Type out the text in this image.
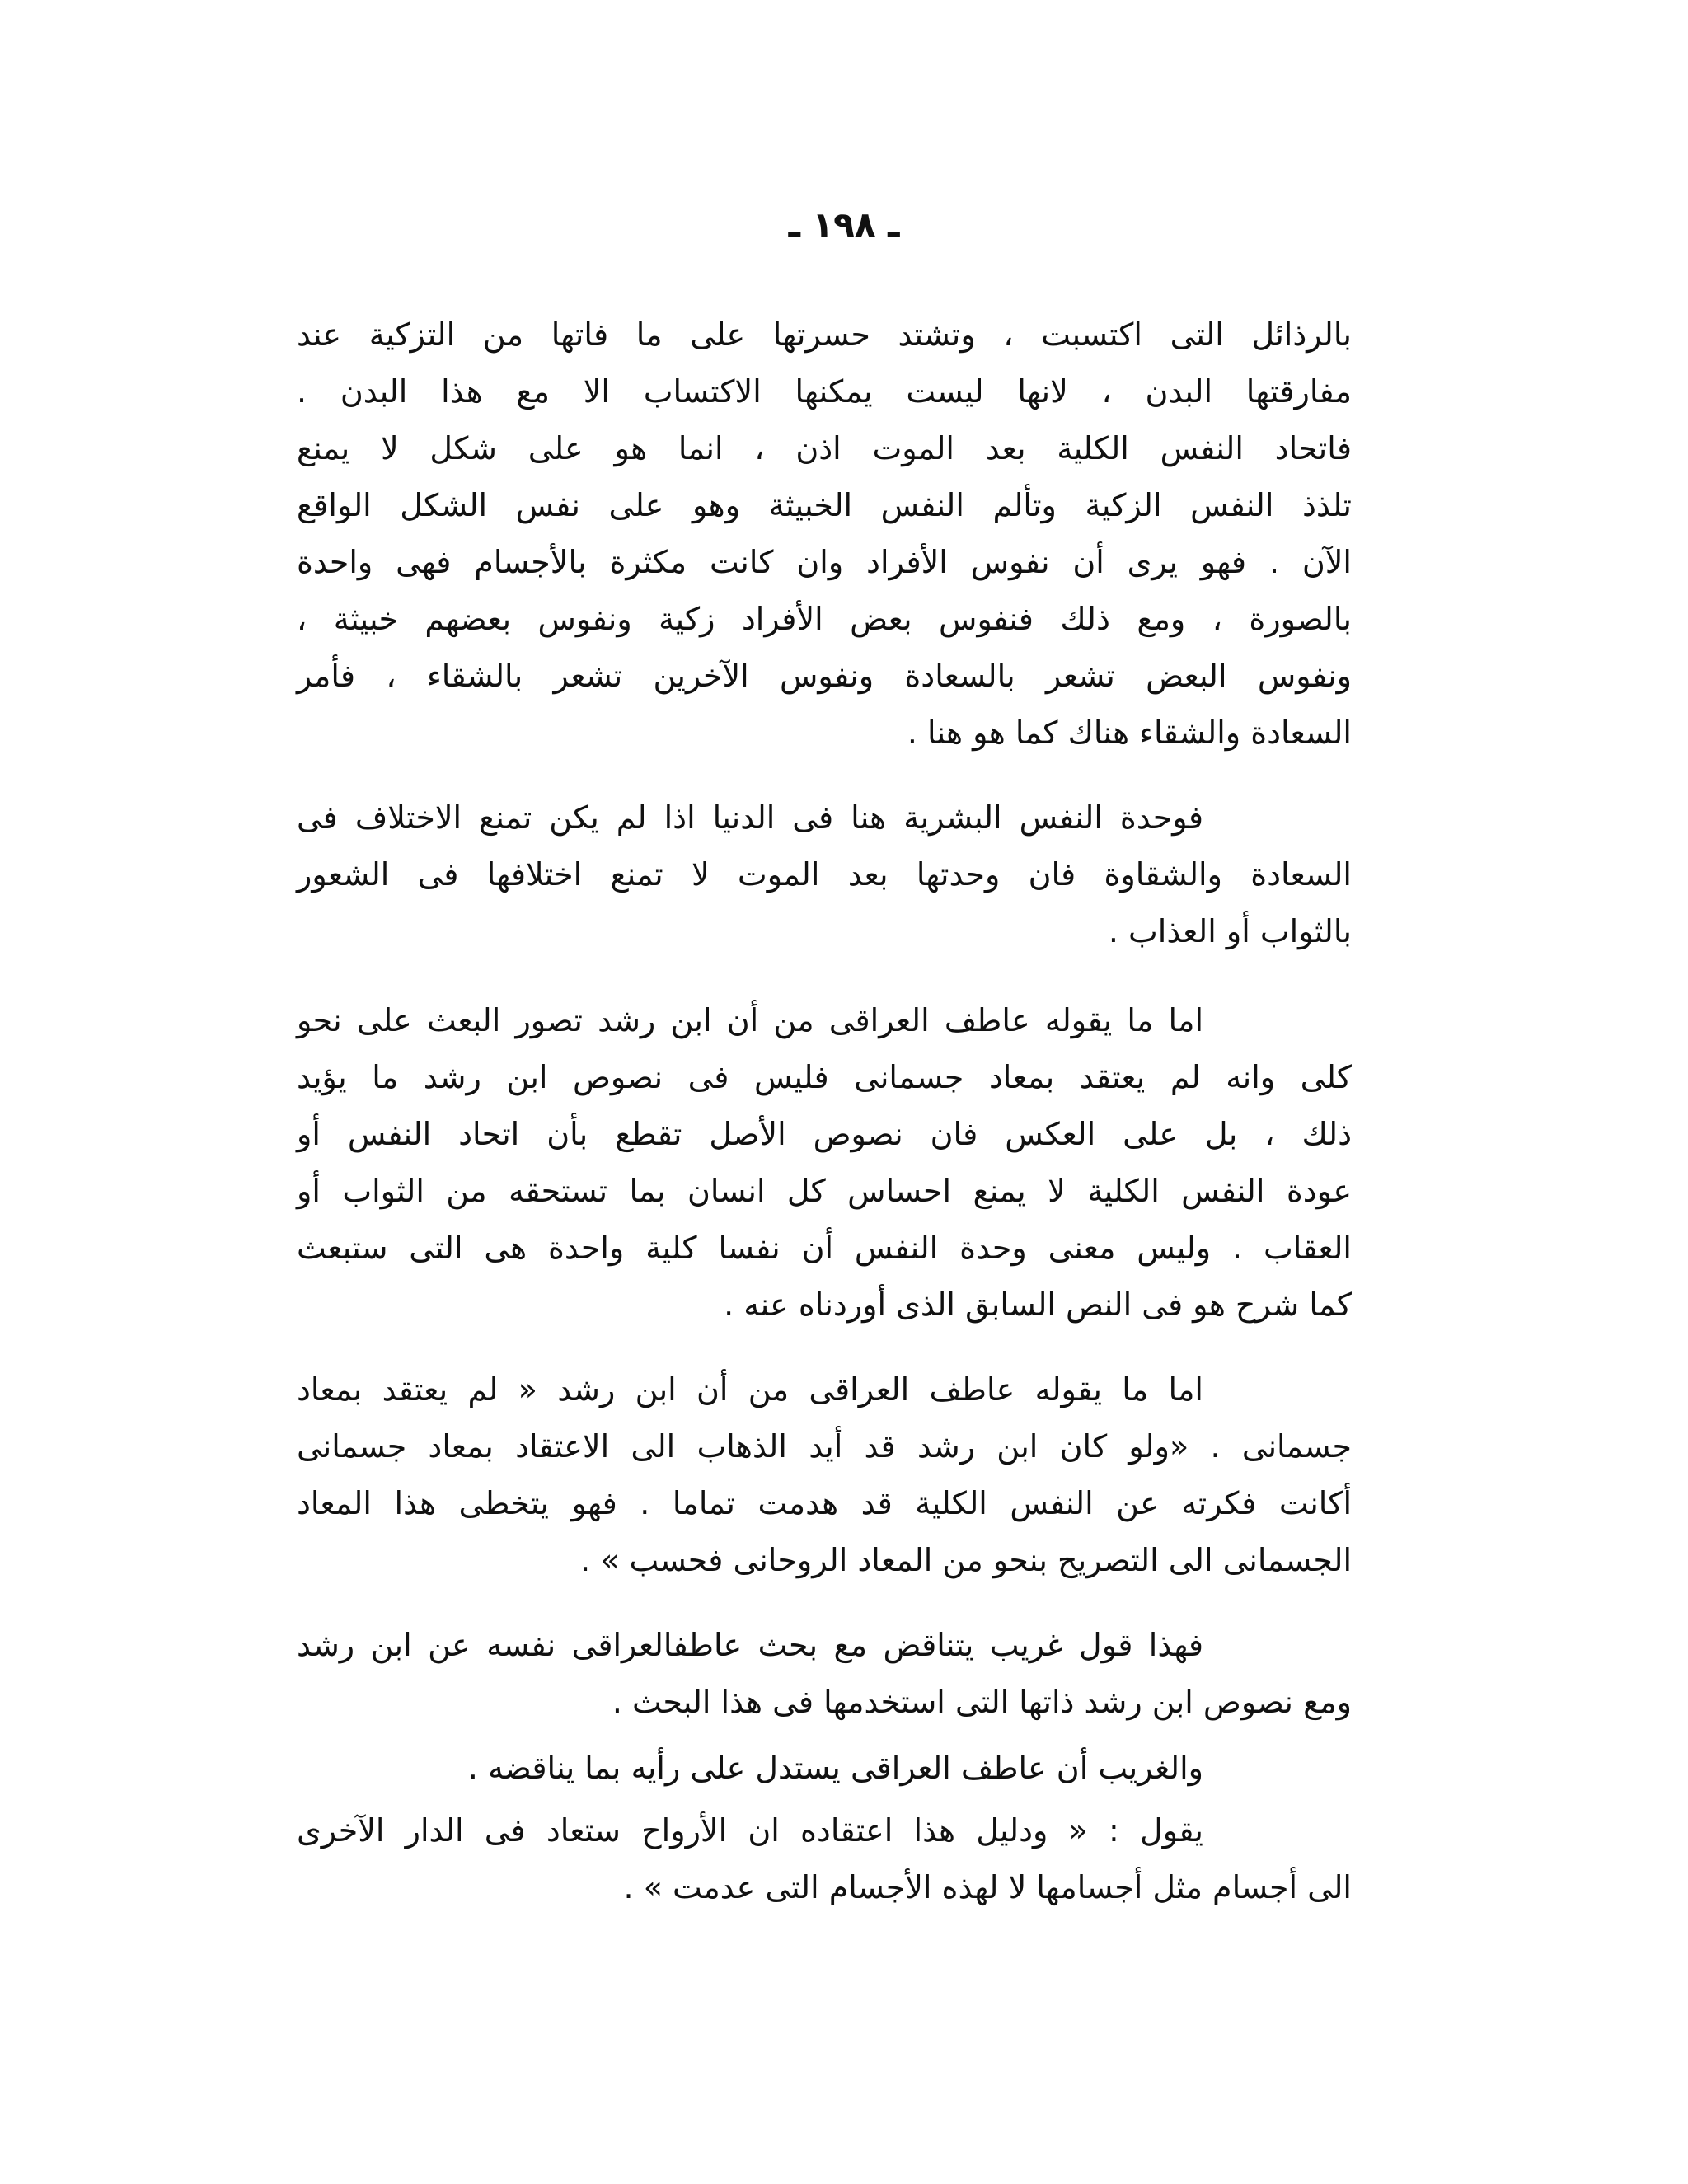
ـ ١٩٨ ـ
بالرذائل التى اكتسبت ، وتشتد حسرتها على ما فاتها من التزكية عند
مفارقتها البدن ، لانها ليست يمكنها الاكتساب الا مع هذا البدن .
فاتحاد النفس الكلية بعد الموت اذن ، انما هو على شكل لا يمنع
تلذذ النفس الزكية وتألم النفس الخبيثة وهو على نفس الشكل الواقع
الآن . فهو يرى أن نفوس الأفراد وان كانت مكثرة بالأجسام فهى واحدة
بالصورة ، ومع ذلك فنفوس بعض الأفراد زكية ونفوس بعضهم خبيثة ،
ونفوس البعض تشعر بالسعادة ونفوس الآخرين تشعر بالشقاء ، فأمر
السعادة والشقاء هناك كما هو هنا .
فوحدة النفس البشرية هنا فى الدنيا اذا لم يكن تمنع الاختلاف فى
السعادة والشقاوة فان وحدتها بعد الموت لا تمنع اختلافها فى الشعور
بالثواب أو العذاب .
اما ما يقوله عاطف العراقى من أن ابن رشد تصور البعث على نحو
كلى وانه لم يعتقد بمعاد جسمانى فليس فى نصوص ابن رشد ما يؤيد
ذلك ، بل على العكس فان نصوص الأصل تقطع بأن اتحاد النفس أو
عودة النفس الكلية لا يمنع احساس كل انسان بما تستحقه من الثواب أو
العقاب . وليس معنى وحدة النفس أن نفسا كلية واحدة هى التى ستبعث
كما شرح هو فى النص السابق الذى أوردناه عنه .
اما ما يقوله عاطف العراقى من أن ابن رشد « لم يعتقد بمعاد
جسمانى . «ولو كان ابن رشد قد أيد الذهاب الى الاعتقاد بمعاد جسمانى
أكانت فكرته عن النفس الكلية قد هدمت تماما . فهو يتخطى هذا المعاد
الجسمانى الى التصريح بنحو من المعاد الروحانى فحسب » .
فهذا قول غريب يتناقض مع بحث عاطفالعراقى نفسه عن ابن رشد
ومع نصوص ابن رشد ذاتها التى استخدمها فى هذا البحث .
والغريب أن عاطف العراقى يستدل على رأيه بما يناقضه .
يقول : « ودليل هذا اعتقاده ان الأرواح ستعاد فى الدار الآخرى
الى أجسام مثل أجسامها لا لهذه الأجسام التى عدمت » .
